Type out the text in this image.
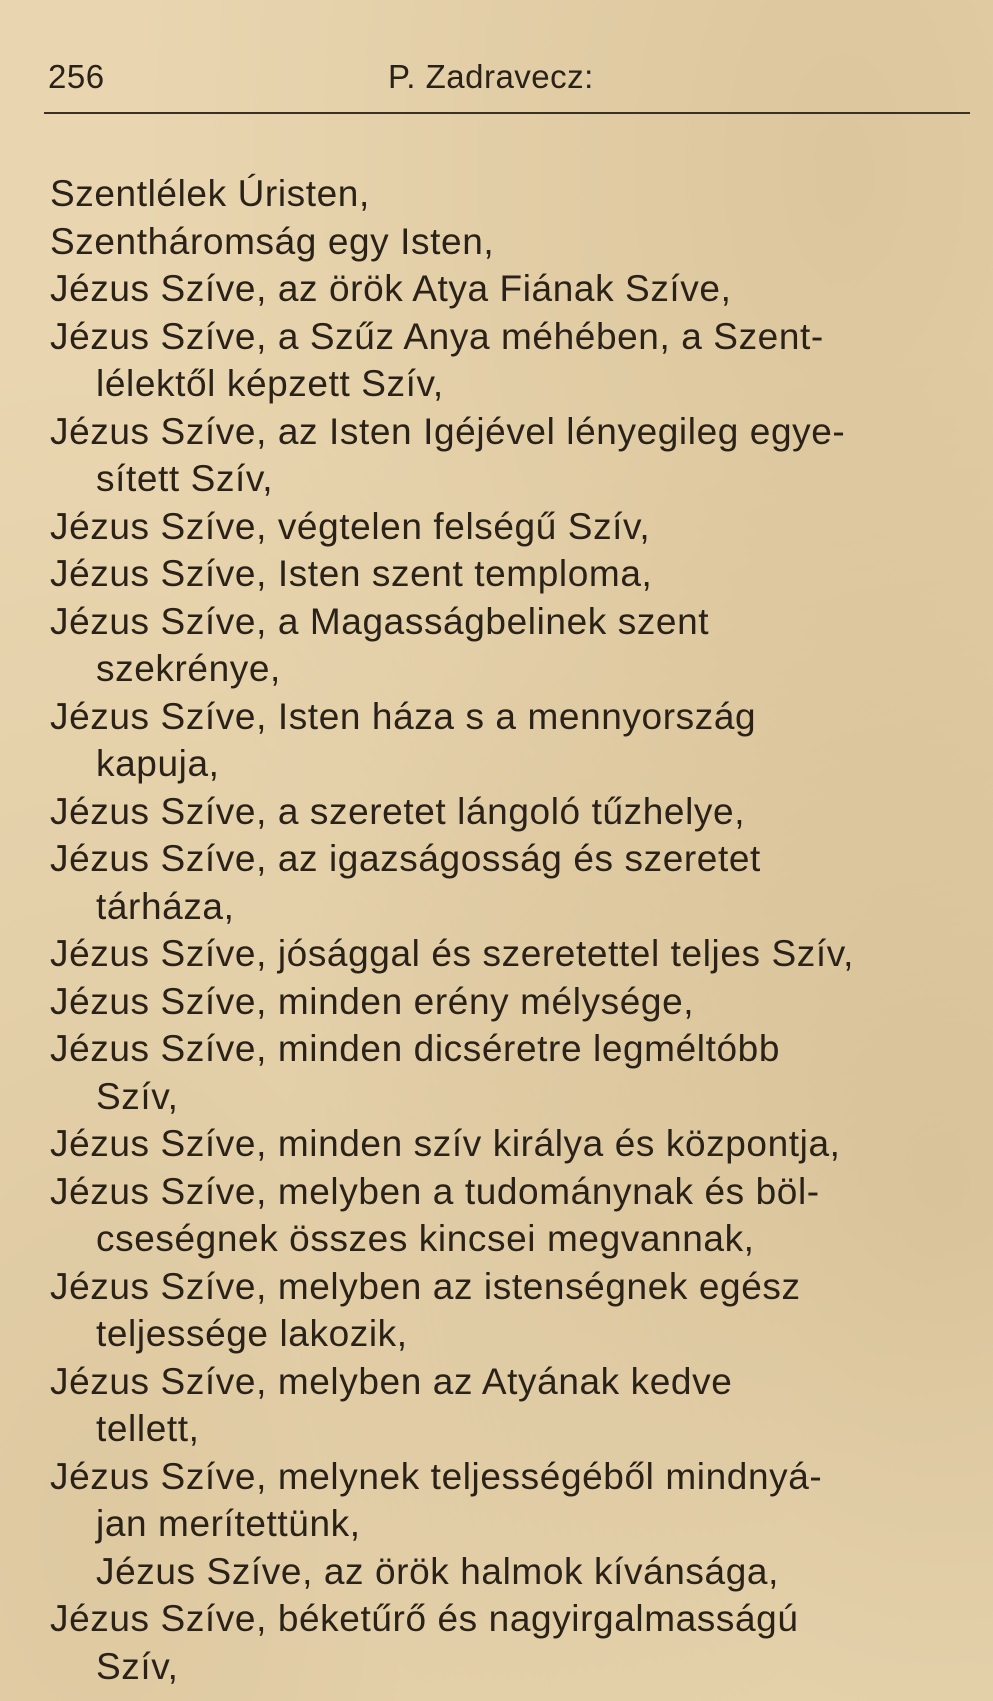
256	P. Zadravecz:
Szentlélek Úristen,
Szentháromság egy Isten,
Jézus Szíve, az örök Atya Fiának Szíve,
Jézus Szíve, a Szűz Anya méhében, a Szent-
lélektől képzett Szív,
Jézus Szíve, az Isten Igéjével lényegileg egye-
sített Szív,
Jézus Szíve, végtelen felségű Szív,
Jézus Szíve, Isten szent temploma,
Jézus Szíve, a Magasságbelinek szent
szekrénye,
Jézus Szíve, Isten háza s a mennyország
kapuja,
Jézus Szíve, a szeretet lángoló tűzhelye,
Jézus Szíve, az igazságosság és szeretet
tárháza,
Jézus Szíve, jósággal és szeretettel teljes Szív,
Jézus Szíve, minden erény mélysége,
Jézus Szíve, minden dicséretre legméltóbb
Szív,
Jézus Szíve, minden szív királya és központja,
Jézus Szíve, melyben a tudománynak és böl-
cseségnek összes kincsei megvannak,
Jézus Szíve, melyben az istenségnek egész
teljessége lakozik,
Jézus Szíve, melyben az Atyának kedve
tellett,
Jézus Szíve, melynek teljességéből mindnyá-
jan merítettünk,
Jézus Szíve, az örök halmok kívánsága,
Jézus Szíve, béketűrő és nagyirgalmasságú
Szív,
